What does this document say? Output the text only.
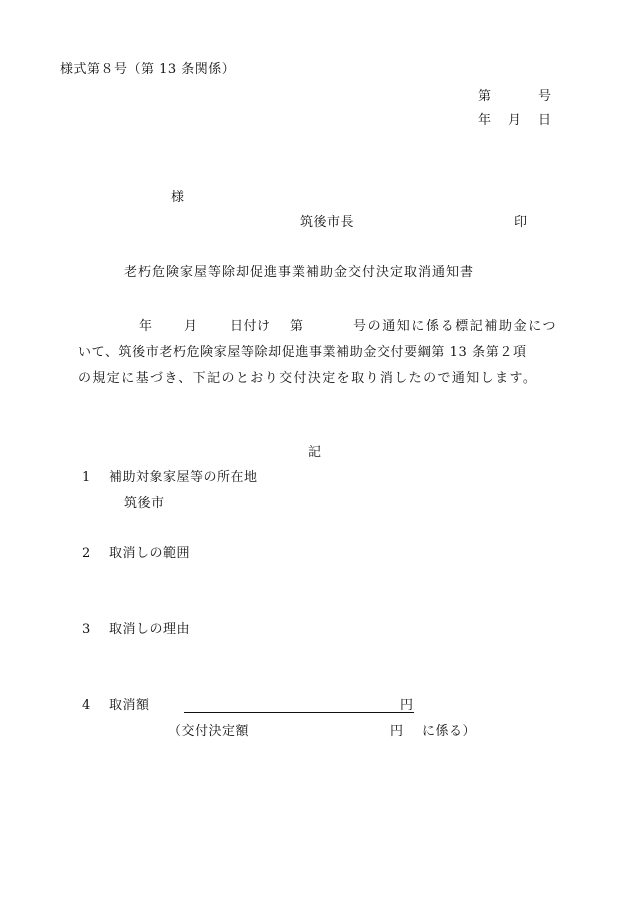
様式第８号（第 13 条関係）
第	号
年 月 日
様
筑後市長	印
老朽危険家屋等除却促進事業補助金交付決定取消通知書
年 月 日付け 第	号の通知に係る標記補助金につ
いて、筑後市老朽危険家屋等除却促進事業補助金交付要綱第 13 条第２項
の規定に基づき、下記のとおり交付決定を取り消したので通知します。
記
1 補助対象家屋等の所在地
筑後市
2 取消しの範囲
3 取消しの理由
4 取消額	円
（交付決定額	円 に係る）
